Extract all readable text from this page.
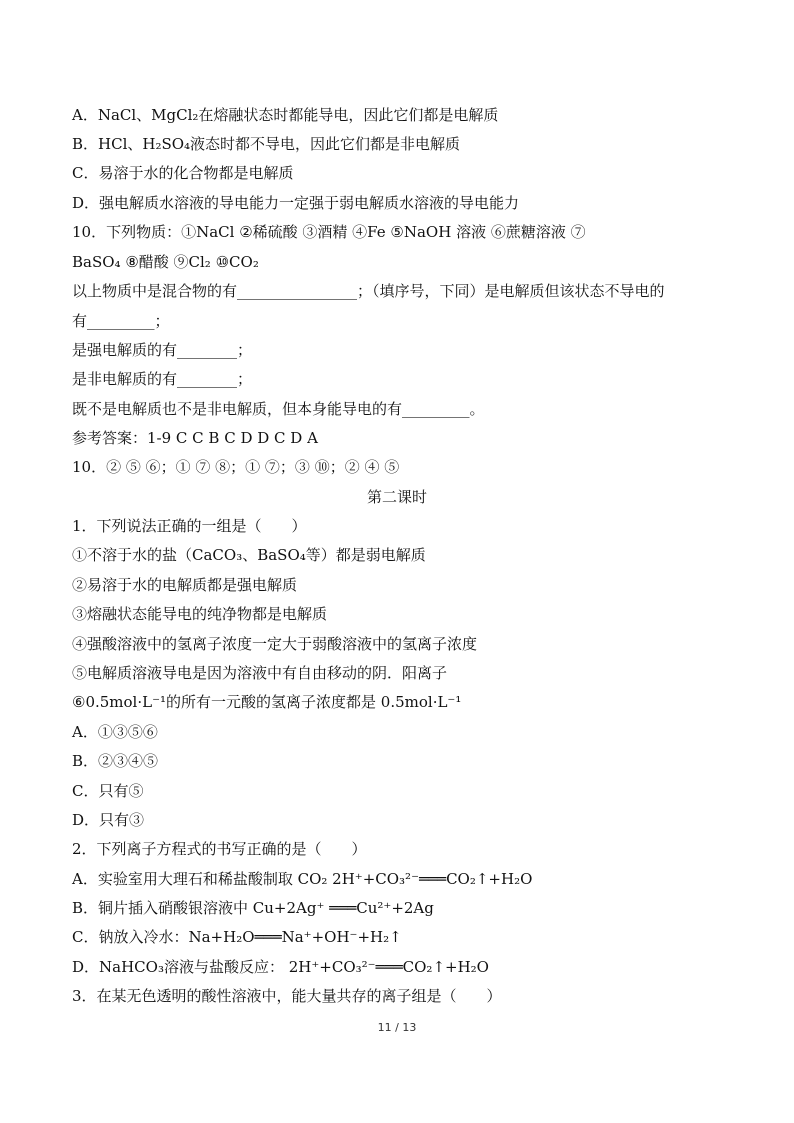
A．NaCl、MgCl₂在熔融状态时都能导电，因此它们都是电解质
B．HCl、H₂SO₄液态时都不导电，因此它们都是非电解质
C．易溶于水的化合物都是电解质
D．强电解质水溶液的导电能力一定强于弱电解质水溶液的导电能力
10．下列物质：①NaCl ②稀硫酸 ③酒精 ④Fe ⑤NaOH 溶液 ⑥蔗糖溶液 ⑦
BaSO₄ ⑧醋酸 ⑨Cl₂ ⑩CO₂
以上物质中是混合物的有________________；（填序号，下同）是电解质但该状态不导电的
有_________；
是强电解质的有________；
是非电解质的有________；
既不是电解质也不是非电解质，但本身能导电的有_________。
参考答案：1-9 C C B C D D C D A
10．② ⑤ ⑥；① ⑦ ⑧；① ⑦；③ ⑩；② ④ ⑤
第二课时
1．下列说法正确的一组是（　　）
①不溶于水的盐（CaCO₃、BaSO₄等）都是弱电解质
②易溶于水的电解质都是强电解质
③熔融状态能导电的纯净物都是电解质
④强酸溶液中的氢离子浓度一定大于弱酸溶液中的氢离子浓度
⑤电解质溶液导电是因为溶液中有自由移动的阴．阳离子
⑥0.5mol·L⁻¹的所有一元酸的氢离子浓度都是 0.5mol·L⁻¹
A．①③⑤⑥
B．②③④⑤
C．只有⑤
D．只有③
2．下列离子方程式的书写正确的是（　　）
A．实验室用大理石和稀盐酸制取 CO₂ 2H⁺+CO₃²⁻═══CO₂↑+H₂O
B．铜片插入硝酸银溶液中 Cu+2Ag⁺ ═══Cu²⁺+2Ag
C．钠放入冷水：Na+H₂O═══Na⁺+OH⁻+H₂↑
D．NaHCO₃溶液与盐酸反应： 2H⁺+CO₃²⁻═══CO₂↑+H₂O
3．在某无色透明的酸性溶液中，能大量共存的离子组是（　　）
11 / 13
